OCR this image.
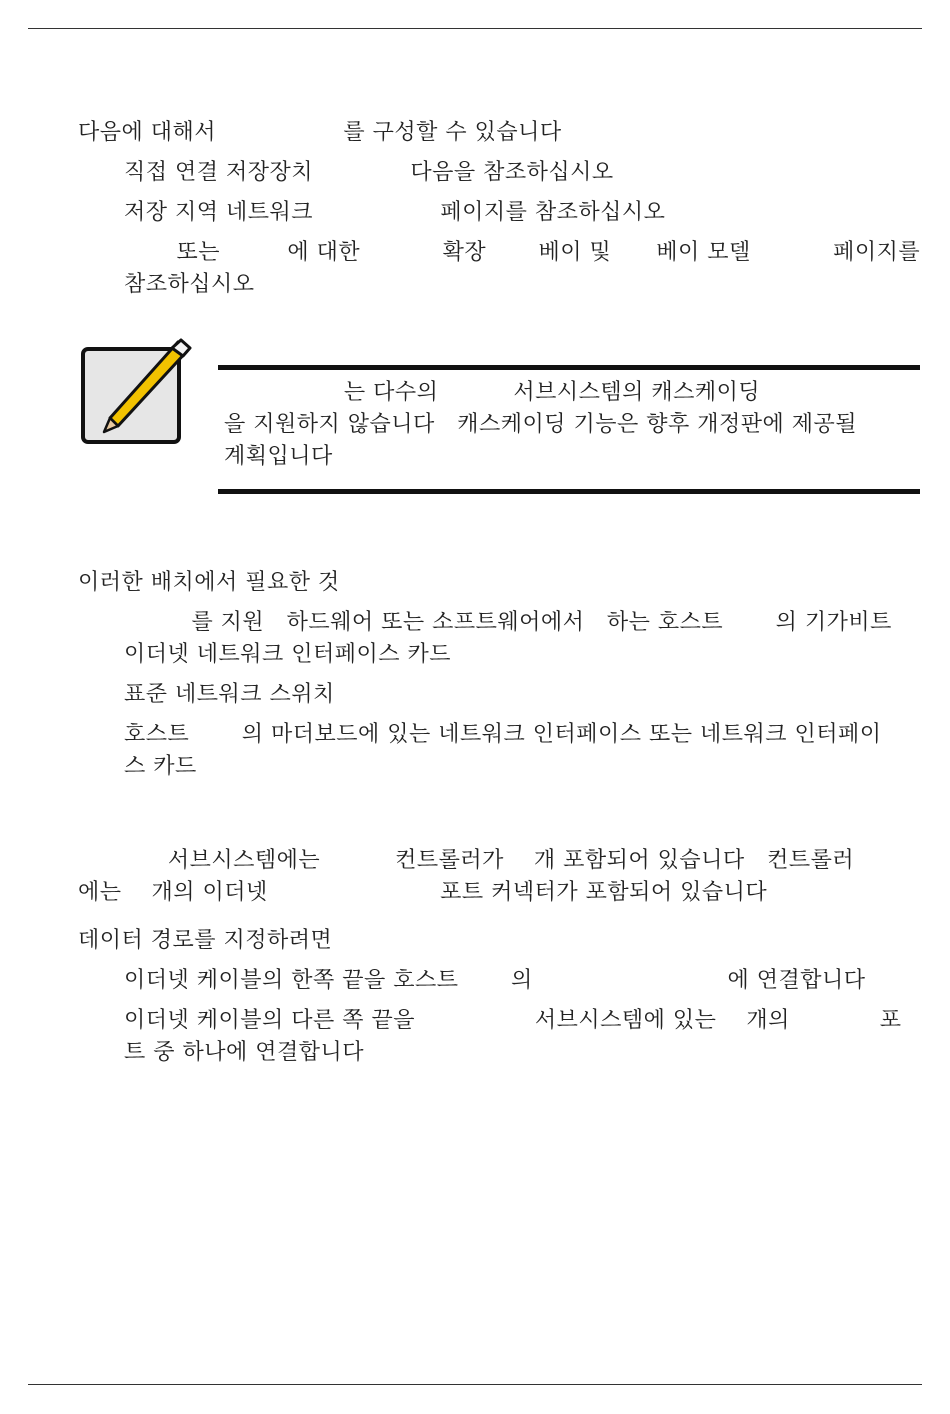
다음에 대해서                 를 구성할 수 있습니다
직접 연결 저장장치             다음을 참조하십시오
저장 지역 네트워크                 페이지를 참조하십시오
또는         에 대한           확장       베이 및      베이 모델           페이지를
참조하십시오
는 다수의          서브시스템의 캐스케이딩
을 지원하지 않습니다   캐스케이딩 기능은 향후 개정판에 제공될
계획입니다
이러한 배치에서 필요한 것
를 지원   하드웨어 또는 소프트웨어에서   하는 호스트       의 기가비트
이더넷 네트워크 인터페이스 카드
표준 네트워크 스위치
호스트       의 마더보드에 있는 네트워크 인터페이스 또는 네트워크 인터페이
스 카드
서브시스템에는          컨트롤러가    개 포함되어 있습니다   컨트롤러
에는    개의 이더넷                       포트 커넥터가 포함되어 있습니다
데이터 경로를 지정하려면
이더넷 케이블의 한쪽 끝을 호스트       의                          에 연결합니다
이더넷 케이블의 다른 쪽 끝을                서브시스템에 있는    개의            포
트 중 하나에 연결합니다
